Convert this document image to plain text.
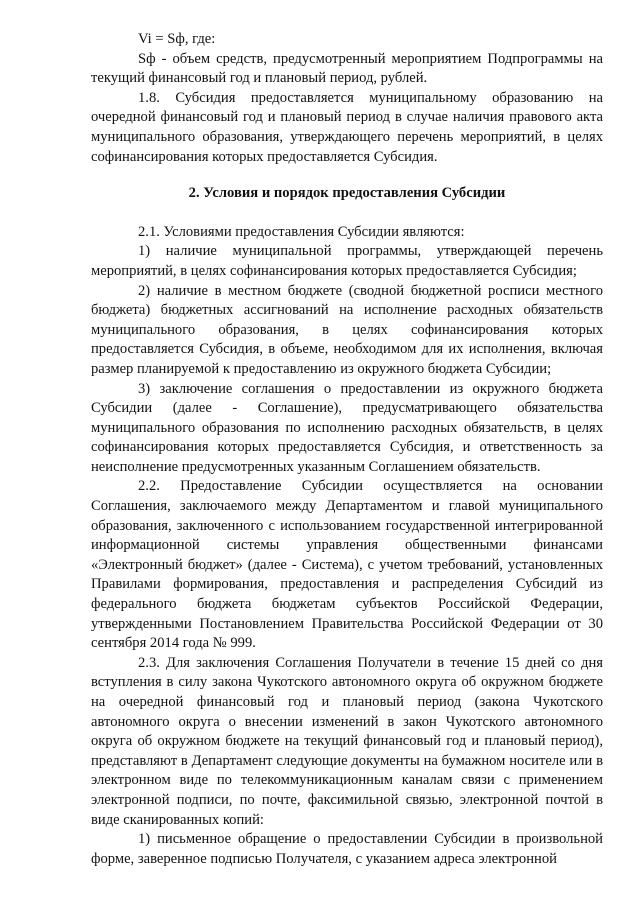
Vi = Sф, где:

Sф - объем средств, предусмотренный мероприятием Подпрограммы на текущий финансовый год и плановый период, рублей.

1.8. Субсидия предоставляется муниципальному образованию на очередной финансовый год и плановый период в случае наличия правового акта муниципального образования, утверждающего перечень мероприятий, в целях софинансирования которых предоставляется Субсидия.

2. Условия и порядок предоставления Субсидии

2.1. Условиями предоставления Субсидии являются:

1) наличие муниципальной программы, утверждающей перечень мероприятий, в целях софинансирования которых предоставляется Субсидия;

2) наличие в местном бюджете (сводной бюджетной росписи местного бюджета) бюджетных ассигнований на исполнение расходных обязательств муниципального образования, в целях софинансирования которых предоставляется Субсидия, в объеме, необходимом для их исполнения, включая размер планируемой к предоставлению из окружного бюджета Субсидии;

3) заключение соглашения о предоставлении из окружного бюджета Субсидии (далее - Соглашение), предусматривающего обязательства муниципального образования по исполнению расходных обязательств, в целях софинансирования которых предоставляется Субсидия, и ответственность за неисполнение предусмотренных указанным Соглашением обязательств.

2.2. Предоставление Субсидии осуществляется на основании Соглашения, заключаемого между Департаментом и главой муниципального образования, заключенного с использованием государственной интегрированной информационной системы управления общественными финансами «Электронный бюджет» (далее - Система), с учетом требований, установленных Правилами формирования, предоставления и распределения Субсидий из федерального бюджета бюджетам субъектов Российской Федерации, утвержденными Постановлением Правительства Российской Федерации от 30 сентября 2014 года № 999.

2.3. Для заключения Соглашения Получатели в течение 15 дней со дня вступления в силу закона Чукотского автономного округа об окружном бюджете на очередной финансовый год и плановый период (закона Чукотского автономного округа о внесении изменений в закон Чукотского автономного округа об окружном бюджете на текущий финансовый год и плановый период), представляют в Департамент следующие документы на бумажном носителе или в электронном виде по телекоммуникационным каналам связи с применением электронной подписи, по почте, факсимильной связью, электронной почтой в виде сканированных копий:

1) письменное обращение о предоставлении Субсидии в произвольной форме, заверенное подписью Получателя, с указанием адреса электронной
